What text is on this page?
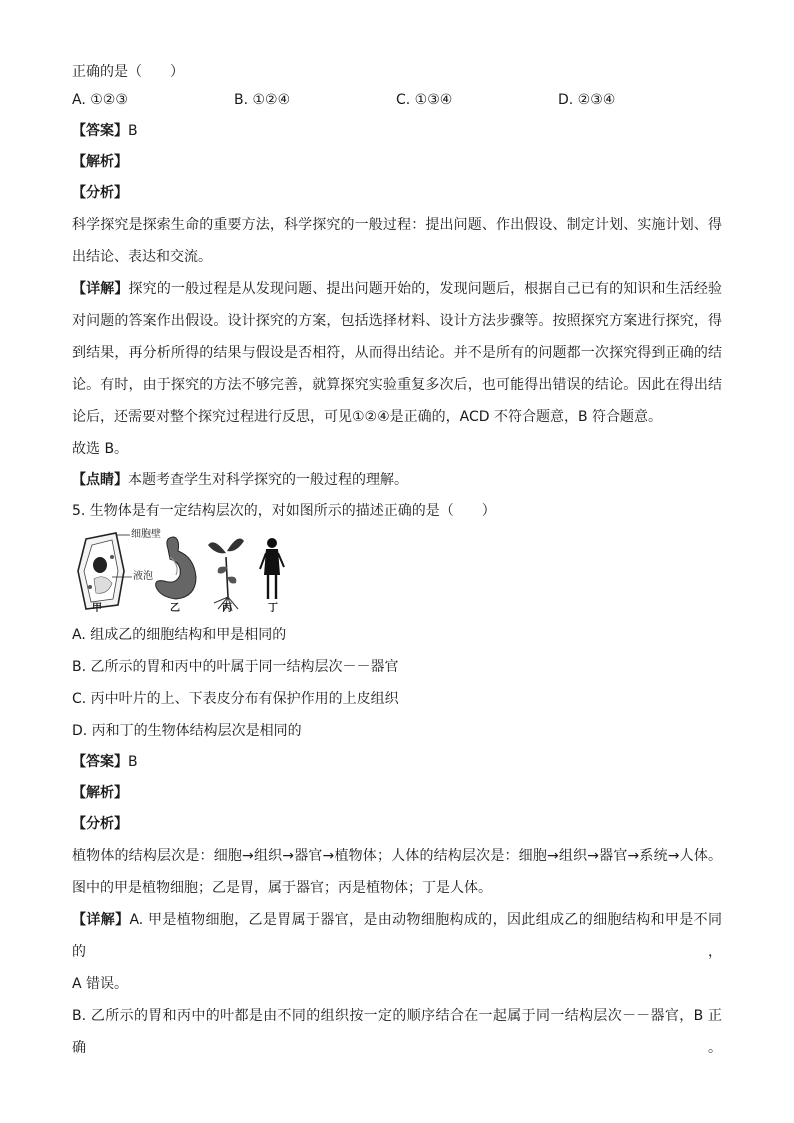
正确的是（　　）
A. ①②③	B. ①②④	C. ①③④	D. ②③④
【答案】B
【解析】
【分析】
科学探究是探索生命的重要方法，科学探究的一般过程：提出问题、作出假设、制定计划、实施计划、得
出结论、表达和交流。
【详解】探究的一般过程是从发现问题、提出问题开始的，发现问题后，根据自己已有的知识和生活经验
对问题的答案作出假设。设计探究的方案，包括选择材料、设计方法步骤等。按照探究方案进行探究，得
到结果，再分析所得的结果与假设是否相符，从而得出结论。并不是所有的问题都一次探究得到正确的结
论。有时，由于探究的方法不够完善，就算探究实验重复多次后，也可能得出错误的结论。因此在得出结
论后，还需要对整个探究过程进行反思，可见①②④是正确的，ACD 不符合题意，B 符合题意。
故选 B。
【点睛】本题考查学生对科学探究的一般过程的理解。
5. 生物体是有一定结构层次的，对如图所示的描述正确的是（　　）
细胞壁
液泡
甲	乙	丙	丁
A. 组成乙的细胞结构和甲是相同的
B. 乙所示的胃和丙中的叶属于同一结构层次－－器官
C. 丙中叶片的上、下表皮分布有保护作用的上皮组织
D. 丙和丁的生物体结构层次是相同的
【答案】B
【解析】
【分析】
植物体的结构层次是：细胞→组织→器官→植物体；人体的结构层次是：细胞→组织→器官→系统→人体。
图中的甲是植物细胞；乙是胃，属于器官；丙是植物体；丁是人体。
【详解】A. 甲是植物细胞，乙是胃属于器官，是由动物细胞构成的，因此组成乙的细胞结构和甲是不同的，
A 错误。
B. 乙所示的胃和丙中的叶都是由不同的组织按一定的顺序结合在一起属于同一结构层次－－器官，B 正确。
